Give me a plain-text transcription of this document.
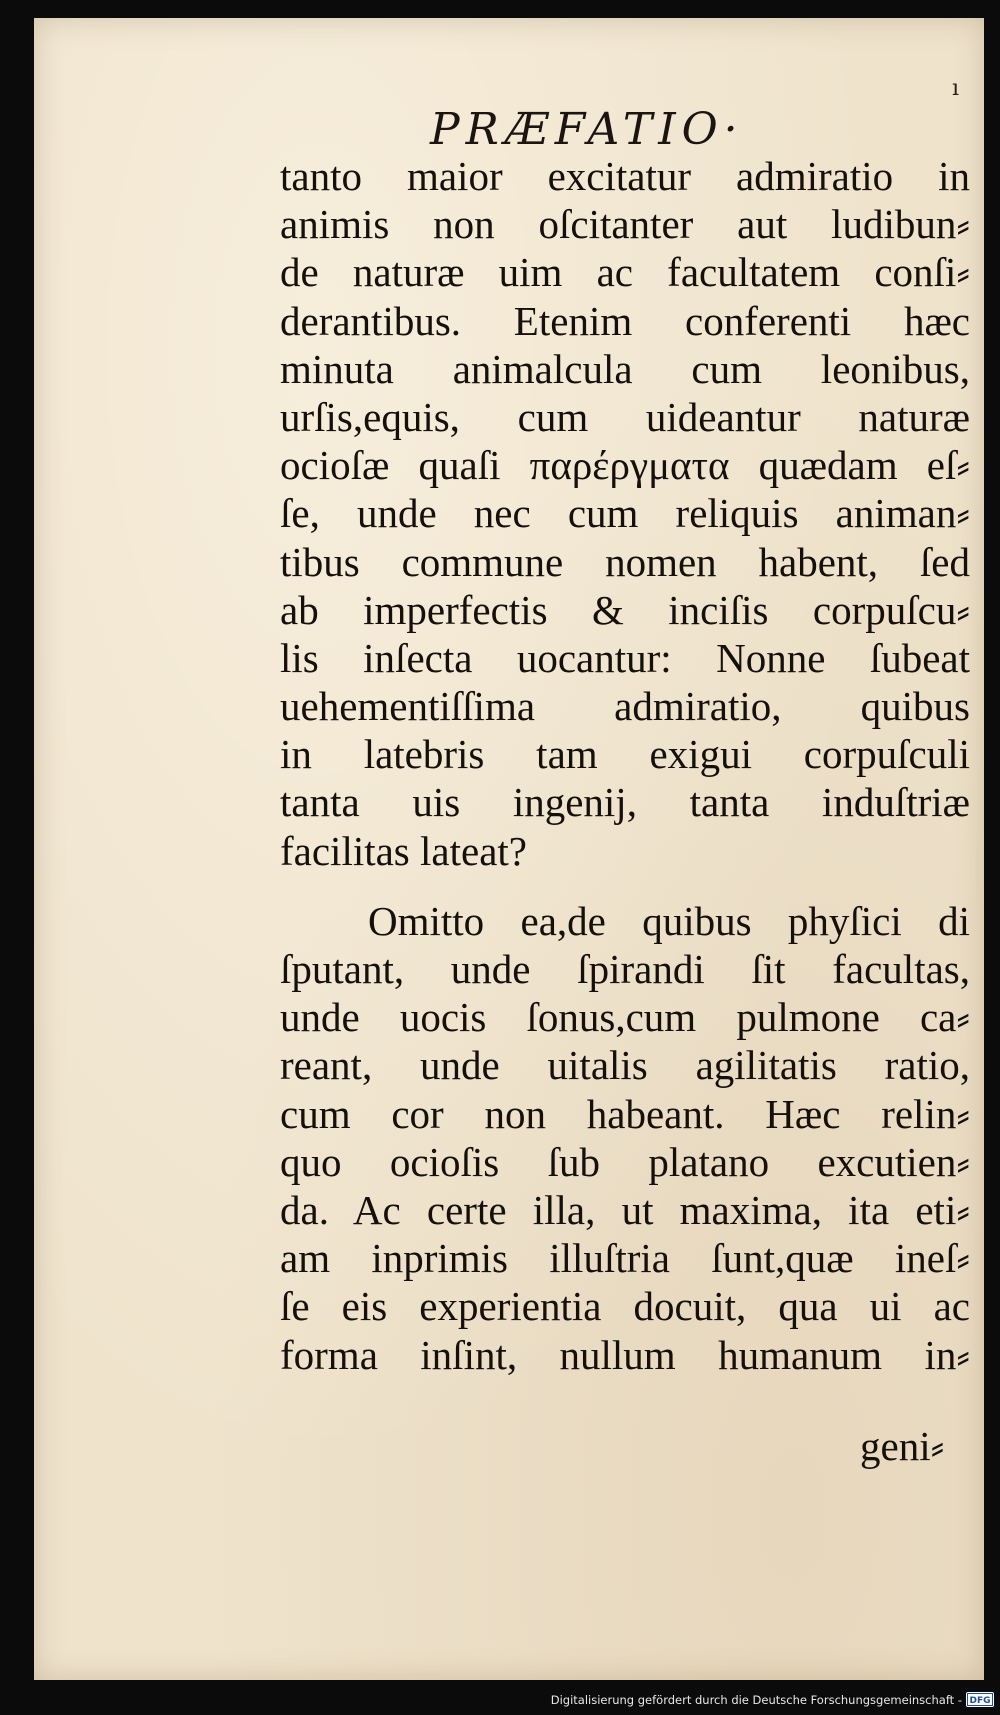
ı
PRÆFATIO·
tanto maior excitatur admiratio in
animis non oſcitanter aut ludibun⸗
de naturæ uim ac facultatem conſi⸗
derantibus. Etenim conferenti hæc
minuta animalcula cum leonibus,
urſis,equis, cum uideantur naturæ
ocioſæ quaſi παρέργματα quædam eſ⸗
ſe, unde nec cum reliquis animan⸗
tibus commune nomen habent, ſed
ab imperfectis & inciſis corpuſcu⸗
lis inſecta uocantur: Nonne ſubeat
uehementiſſima admiratio, quibus
in latebris tam exigui corpuſculi
tanta uis ingenij, tanta induſtriæ
facilitas lateat?
Omitto ea,de quibus phyſici di
ſputant, unde ſpirandi ſit facultas,
unde uocis ſonus,cum pulmone ca⸗
reant, unde uitalis agilitatis ratio,
cum cor non habeant. Hæc relin⸗
quo ocioſis ſub platano excutien⸗
da. Ac certe illa, ut maxima, ita eti⸗
am inprimis illuſtria ſunt,quæ ineſ⸗
ſe eis experientia docuit, qua ui ac
forma inſint, nullum humanum in⸗
geni⸗
Digitalisierung gefördert durch die Deutsche Forschungsgemeinschaft - DFG
